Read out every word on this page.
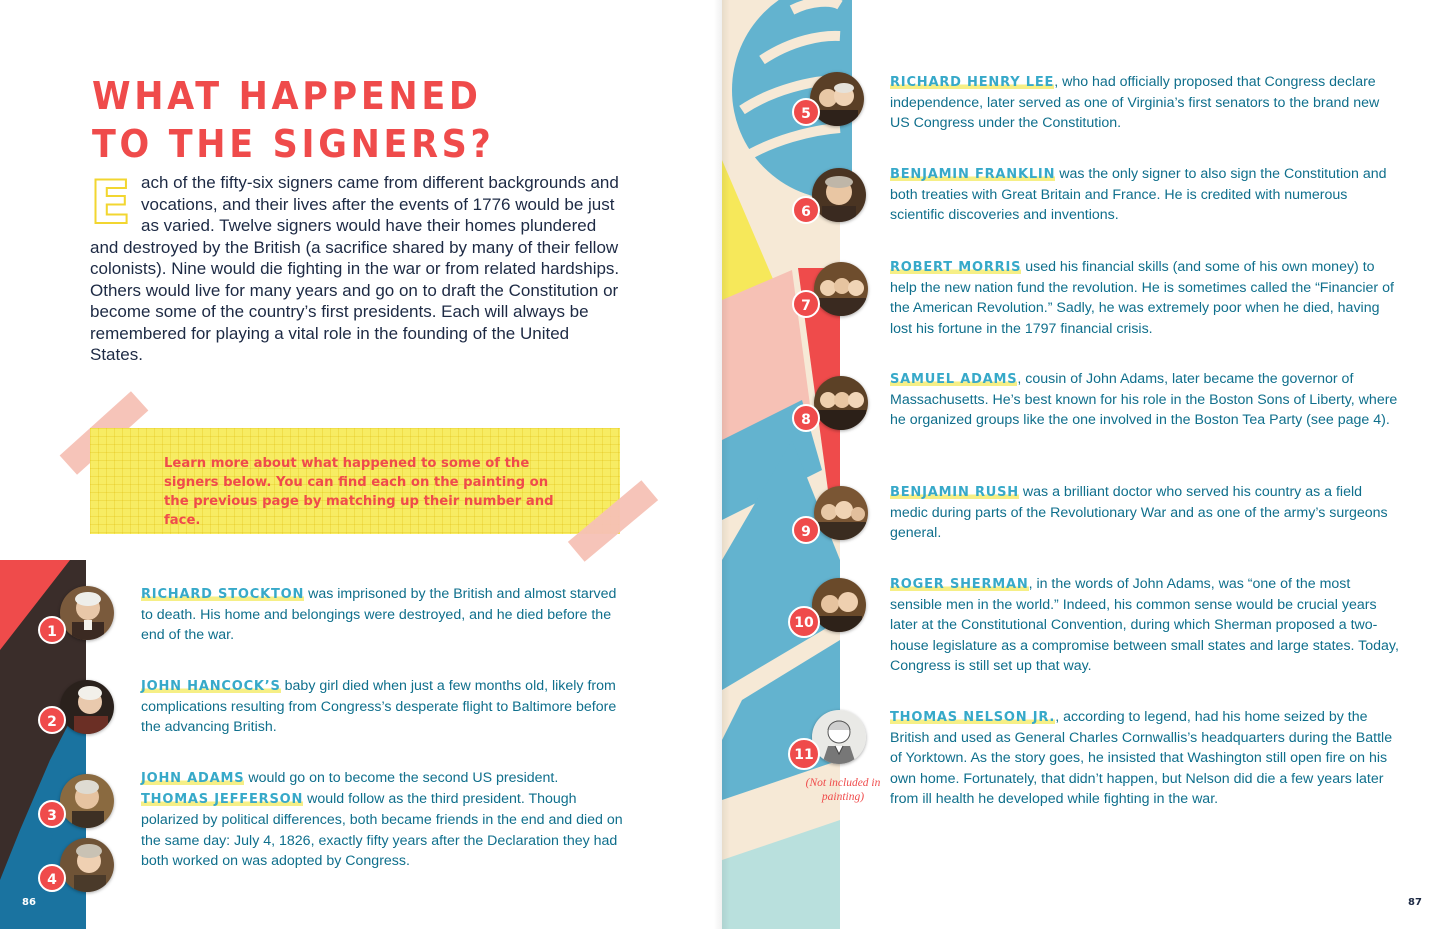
WHAT HAPPENED TO THE SIGNERS?
Each of the fifty-six signers came from different backgrounds and vocations, and their lives after the events of 1776 would be just as varied. Twelve signers would have their homes plundered and destroyed by the British (a sacrifice shared by many of their fellow colonists). Nine would die fighting in the war or from related hardships. Others would live for many years and go on to draft the Constitution or become some of the country’s first presidents. Each will always be remembered for playing a vital role in the founding of the United States.
Learn more about what happened to some of the signers below. You can find each on the painting on the previous page by matching up their number and face.
1
RICHARD STOCKTON was imprisoned by the British and almost starved to death. His home and belongings were destroyed, and he died before the end of the war.
2
JOHN HANCOCK’S baby girl died when just a few months old, likely from complications resulting from Congress’s desperate flight to Baltimore before the advancing British.
3
4
JOHN ADAMS would go on to become the second US president.
THOMAS JEFFERSON would follow as the third president. Though polarized by political differences, both became friends in the end and died on the same day: July 4, 1826, exactly fifty years after the Declaration they had both worked on was adopted by Congress.
86
5
6
7
8
9
10
11
RICHARD HENRY LEE, who had officially proposed that Congress declare independence, later served as one of Virginia’s first senators to the brand new US Congress under the Constitution.
BENJAMIN FRANKLIN was the only signer to also sign the Constitution and both treaties with Great Britain and France. He is credited with numerous scientific discoveries and inventions.
ROBERT MORRIS used his financial skills (and some of his own money) to help the new nation fund the revolution. He is sometimes called the “Financier of the American Revolution.” Sadly, he was extremely poor when he died, having lost his fortune in the 1797 financial crisis.
SAMUEL ADAMS, cousin of John Adams, later became the governor of Massachusetts. He’s best known for his role in the Boston Sons of Liberty, where he organized groups like the one involved in the Boston Tea Party (see page 4).
BENJAMIN RUSH was a brilliant doctor who served his country as a field medic during parts of the Revolutionary War and as one of the army’s surgeons general.
ROGER SHERMAN, in the words of John Adams, was “one of the most sensible men in the world.” Indeed, his common sense would be crucial years later at the Constitutional Convention, during which Sherman proposed a two-house legislature as a compromise between small states and large states. Today, Congress is still set up that way.
THOMAS NELSON JR., according to legend, had his home seized by the British and used as General Charles Cornwallis’s headquarters during the Battle of Yorktown. As the story goes, he insisted that Washington still open fire on his own home. Fortunately, that didn’t happen, but Nelson did die a few years later from ill health he developed while fighting in the war.
(Not included in painting)
87
